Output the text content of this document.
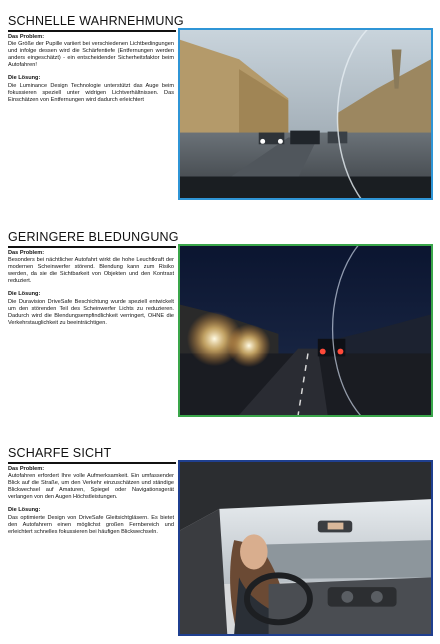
SCHNELLE WAHRNEHMUNG
Das Problem:
Die Größe der Pupille variiert bei verschiedenen Lichtbedingungen und infolge dessen wird die Schärfentiefe (Entfernungen werden anders eingeschätzt) - ein entscheidender Sicherheitsfaktor beim Autofahren!
Die Lösung:
Die Luminance Design Technologie unterstützt das Auge beim fokussieren speziell unter widrigen Lichtverhältnissen. Das Einschätzen von Entfernungen wird dadurch erleichtert
GERINGERE BLEDUNGUNG
Das Problem:
Besonders bei nächtlicher Autofahrt wirkt die hohe Leuchtkraft der modernen Scheinwerfer störend. Blendung kann zum Risiko werden, da sie die Sichtbarkeit von Objekten und den Kontrast reduziert.
Die Lösung:
Die Duravision DriveSafe Beschichtung wurde speziell entwickelt um den störenden Teil des Scheinwerfer Lichts zu reduzieren. Dadurch wird die Blendungsempfindlichkeit verringert, OHNE die Verkehrstauglichkeit zu beeinträchtigen.
SCHARFE SICHT
Das Problem:
Autofahren erfordert Ihre volle Aufmerksamkeit. Ein umfassender Blick auf die Straße, um den Verkehr einzuschätzen und ständige Blickwechsel auf Amaturen, Spiegel oder Navigationsgerät verlangen von den Augen Höchstleistungen.
Die Lösung:
Das optimierte Design von DriveSafe Gleitsichtgläsern. Es bietet den Autofahrern einen möglichst großen Fernbereich und erleichtert schnelles fokussieren bei häufigen Blickwechseln.
